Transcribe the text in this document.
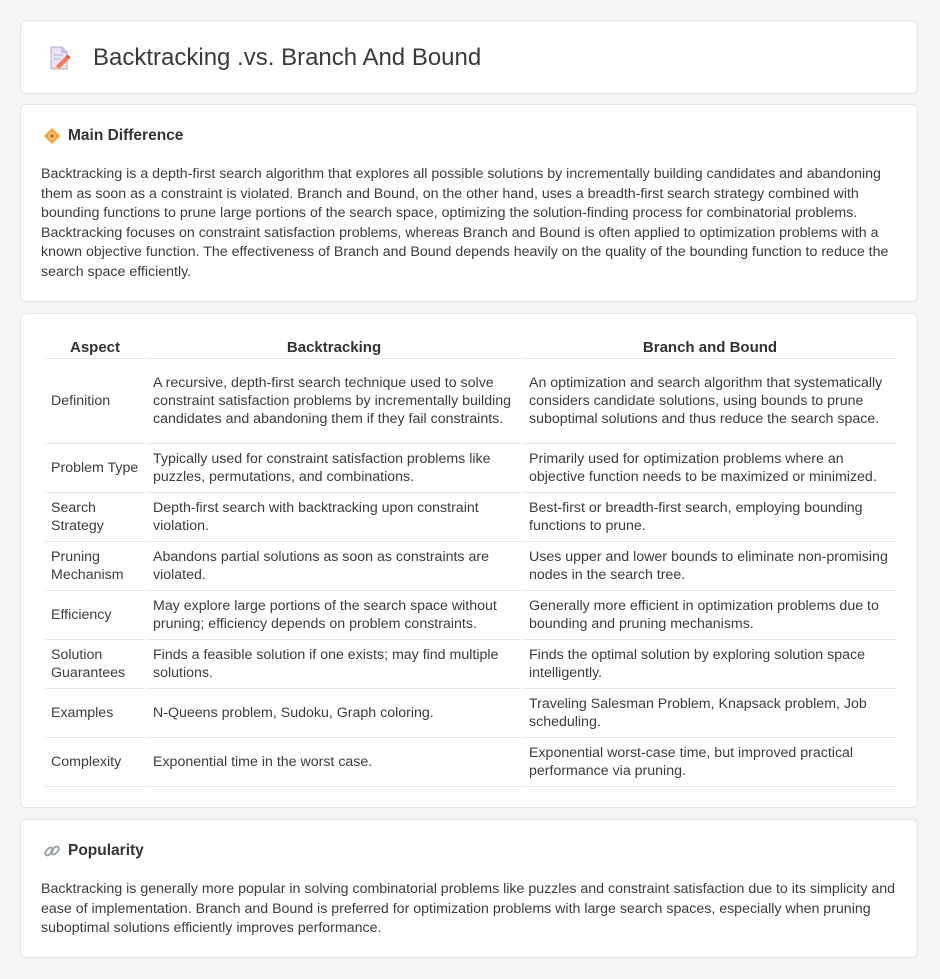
Backtracking .vs. Branch And Bound
Main Difference

Backtracking is a depth-first search algorithm that explores all possible solutions by incrementally building candidates and abandoning them as soon as a constraint is violated. Branch and Bound, on the other hand, uses a breadth-first search strategy combined with bounding functions to prune large portions of the search space, optimizing the solution-finding process for combinatorial problems. Backtracking focuses on constraint satisfaction problems, whereas Branch and Bound is often applied to optimization problems with a known objective function. The effectiveness of Branch and Bound depends heavily on the quality of the bounding function to reduce the search space efficiently.

Aspect	Backtracking	Branch and Bound
Definition	A recursive, depth-first search technique used to solve constraint satisfaction problems by incrementally building candidates and abandoning them if they fail constraints.	An optimization and search algorithm that systematically considers candidate solutions, using bounds to prune suboptimal solutions and thus reduce the search space.
Problem Type	Typically used for constraint satisfaction problems like puzzles, permutations, and combinations.	Primarily used for optimization problems where an objective function needs to be maximized or minimized.
Search Strategy	Depth-first search with backtracking upon constraint violation.	Best-first or breadth-first search, employing bounding functions to prune.
Pruning Mechanism	Abandons partial solutions as soon as constraints are violated.	Uses upper and lower bounds to eliminate non-promising nodes in the search tree.
Efficiency	May explore large portions of the search space without pruning; efficiency depends on problem constraints.	Generally more efficient in optimization problems due to bounding and pruning mechanisms.
Solution Guarantees	Finds a feasible solution if one exists; may find multiple solutions.	Finds the optimal solution by exploring solution space intelligently.
Examples	N-Queens problem, Sudoku, Graph coloring.	Traveling Salesman Problem, Knapsack problem, Job scheduling.
Complexity	Exponential time in the worst case.	Exponential worst-case time, but improved practical performance via pruning.
Popularity

Backtracking is generally more popular in solving combinatorial problems like puzzles and constraint satisfaction due to its simplicity and ease of implementation. Branch and Bound is preferred for optimization problems with large search spaces, especially when pruning suboptimal solutions efficiently improves performance.
